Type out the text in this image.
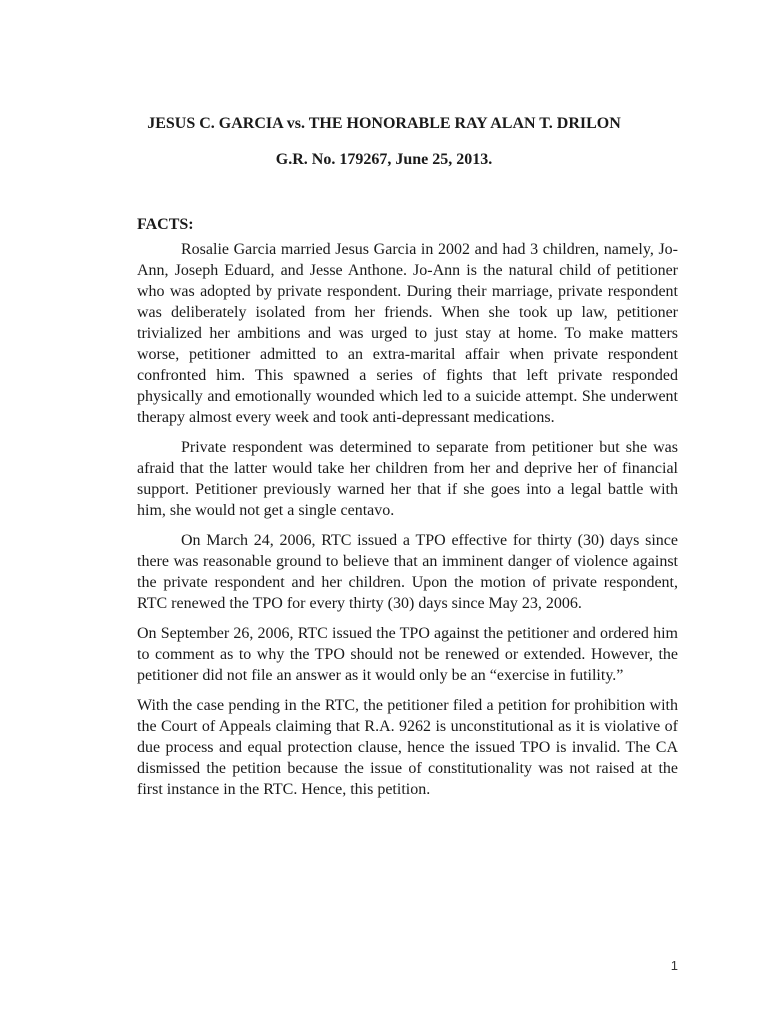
JESUS C. GARCIA vs. THE HONORABLE RAY ALAN T. DRILON

G.R. No. 179267, June 25, 2013.

FACTS:

Rosalie Garcia married Jesus Garcia in 2002 and had 3 children, namely, Jo-Ann, Joseph Eduard, and Jesse Anthone. Jo-Ann is the natural child of petitioner who was adopted by private respondent. During their marriage, private respondent was deliberately isolated from her friends. When she took up law, petitioner trivialized her ambitions and was urged to just stay at home. To make matters worse, petitioner admitted to an extra-marital affair when private respondent confronted him. This spawned a series of fights that left private responded physically and emotionally wounded which led to a suicide attempt. She underwent therapy almost every week and took anti-depressant medications.

Private respondent was determined to separate from petitioner but she was afraid that the latter would take her children from her and deprive her of financial support. Petitioner previously warned her that if she goes into a legal battle with him, she would not get a single centavo.

On March 24, 2006, RTC issued a TPO effective for thirty (30) days since there was reasonable ground to believe that an imminent danger of violence against the private respondent and her children. Upon the motion of private respondent, RTC renewed the TPO for every thirty (30) days since May 23, 2006.

On September 26, 2006, RTC issued the TPO against the petitioner and ordered him to comment as to why the TPO should not be renewed or extended. However, the petitioner did not file an answer as it would only be an “exercise in futility.”

With the case pending in the RTC, the petitioner filed a petition for prohibition with the Court of Appeals claiming that R.A. 9262 is unconstitutional as it is violative of due process and equal protection clause, hence the issued TPO is invalid. The CA dismissed the petition because the issue of constitutionality was not raised at the first instance in the RTC. Hence, this petition.

1
